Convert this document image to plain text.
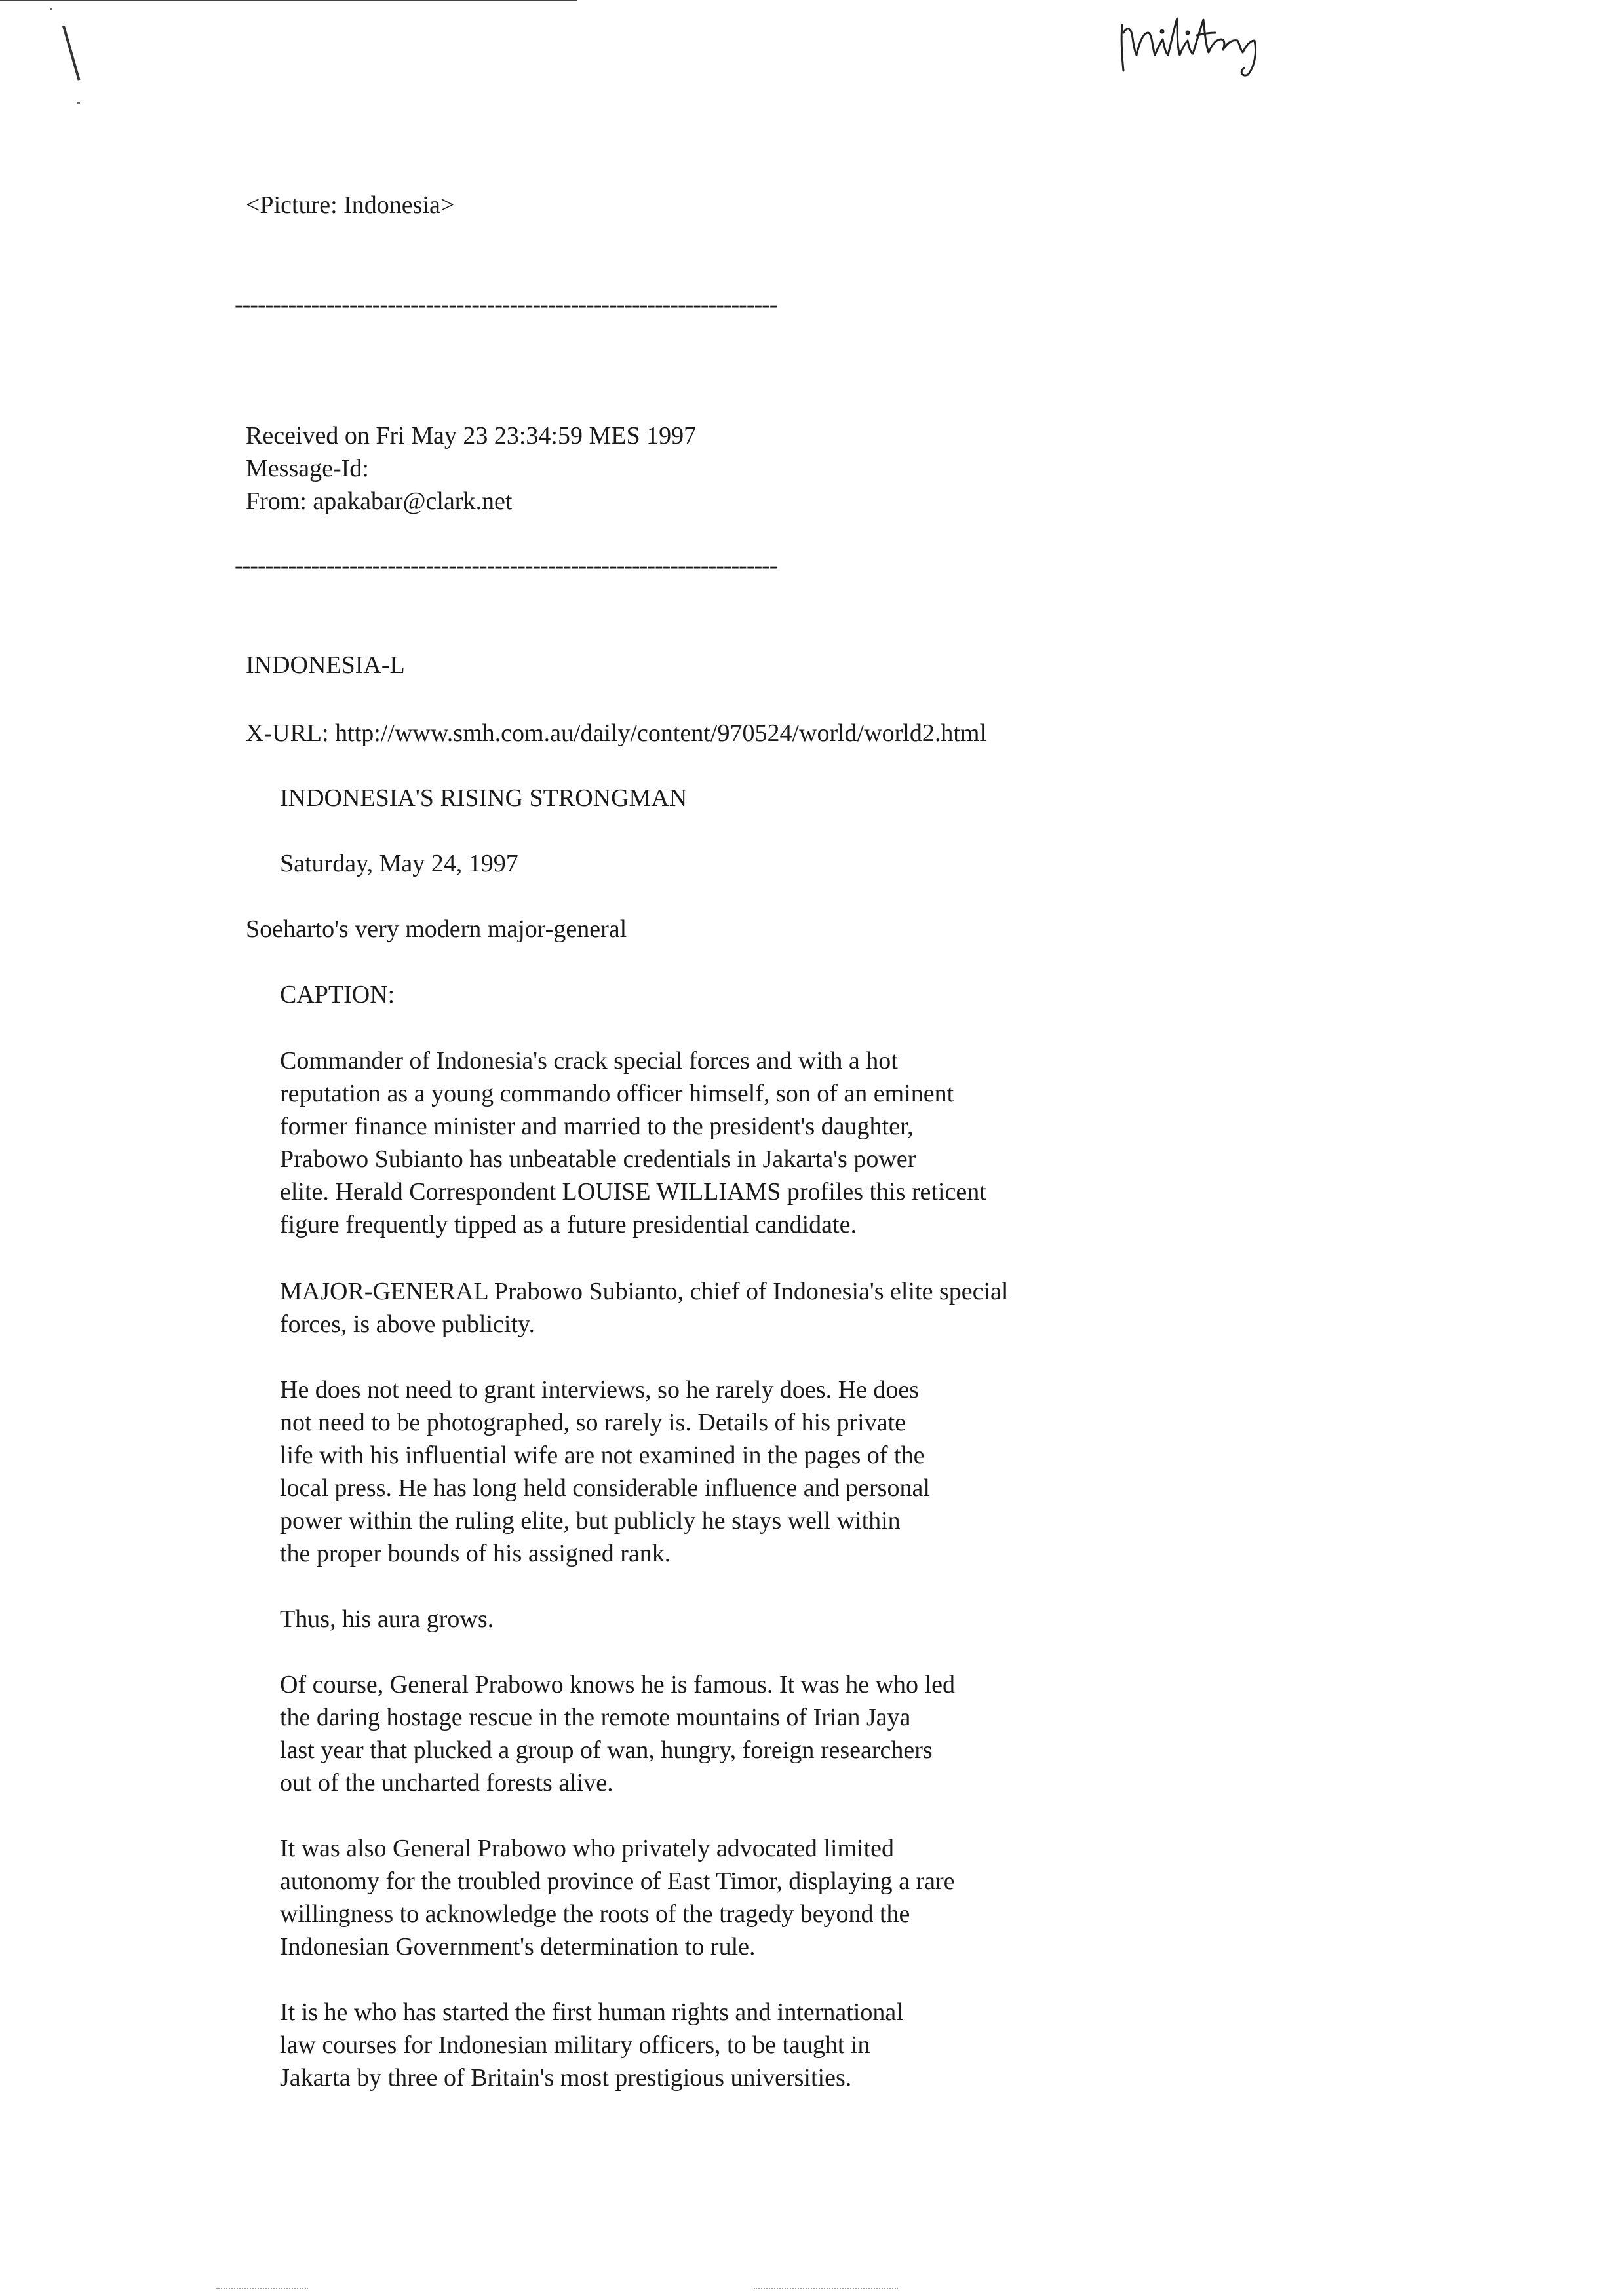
<Picture: Indonesia>
-----------------------------------------------------------------------
Received on Fri May 23 23:34:59 MES 1997
Message-Id:
From: apakabar@clark.net
-----------------------------------------------------------------------
INDONESIA-L
X-URL: http://www.smh.com.au/daily/content/970524/world/world2.html
INDONESIA'S RISING STRONGMAN
Saturday, May 24, 1997
Soeharto's very modern major-general
CAPTION:
Commander of Indonesia's crack special forces and with a hot
reputation as a young commando officer himself, son of an eminent
former finance minister and married to the president's daughter,
Prabowo Subianto has unbeatable credentials in Jakarta's power
elite. Herald Correspondent LOUISE WILLIAMS profiles this reticent
figure frequently tipped as a future presidential candidate.
MAJOR-GENERAL Prabowo Subianto, chief of Indonesia's elite special
forces, is above publicity.
He does not need to grant interviews, so he rarely does. He does
not need to be photographed, so rarely is. Details of his private
life with his influential wife are not examined in the pages of the
local press. He has long held considerable influence and personal
power within the ruling elite, but publicly he stays well within
the proper bounds of his assigned rank.
Thus, his aura grows.
Of course, General Prabowo knows he is famous. It was he who led
the daring hostage rescue in the remote mountains of Irian Jaya
last year that plucked a group of wan, hungry, foreign researchers
out of the uncharted forests alive.
It was also General Prabowo who privately advocated limited
autonomy for the troubled province of East Timor, displaying a rare
willingness to acknowledge the roots of the tragedy beyond the
Indonesian Government's determination to rule.
It is he who has started the first human rights and international
law courses for Indonesian military officers, to be taught in
Jakarta by three of Britain's most prestigious universities.
